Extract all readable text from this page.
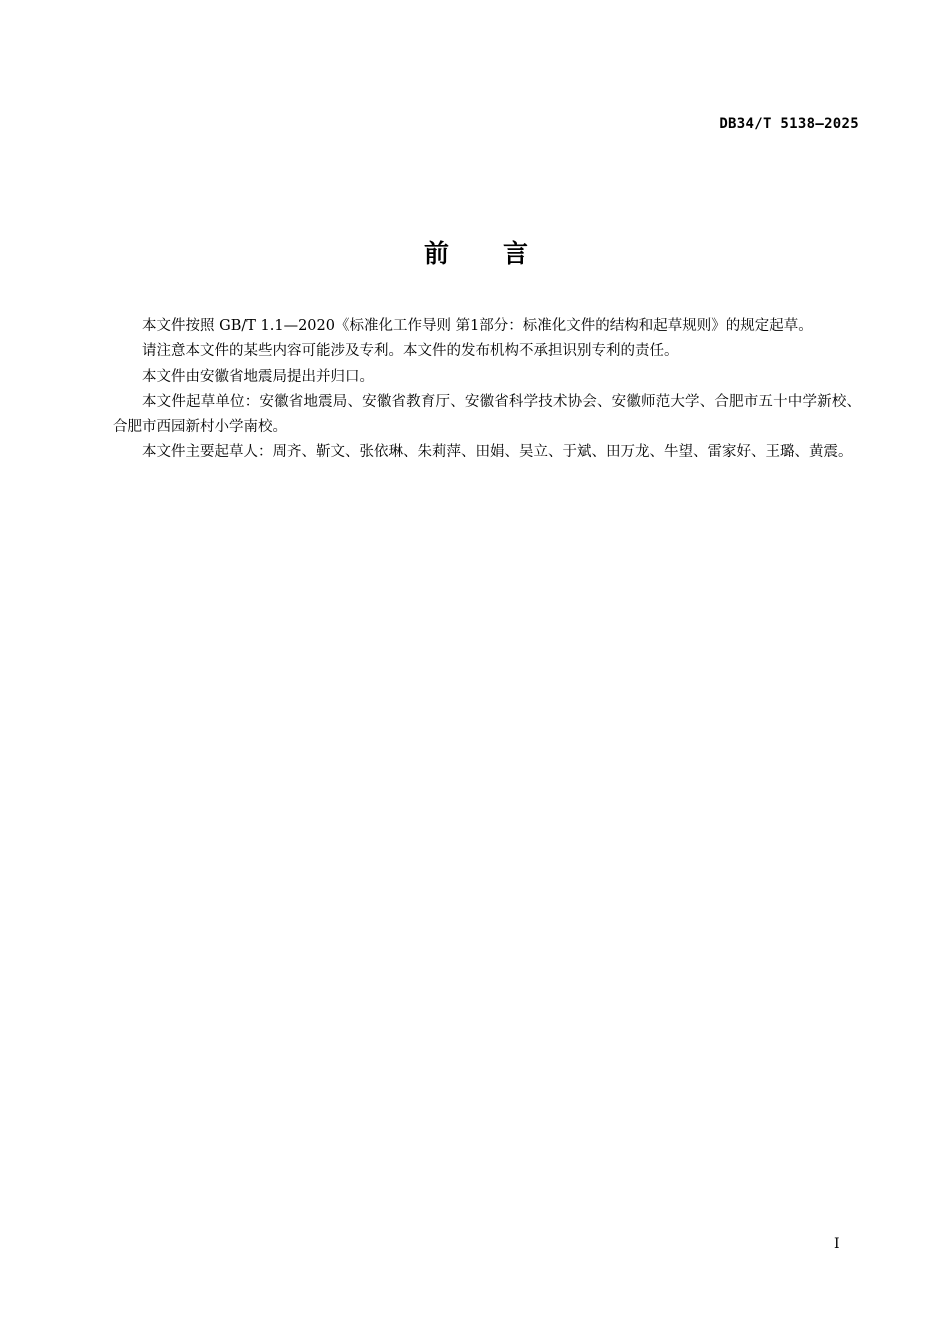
DB34/T 5138—2025
前言

本文件按照 GB/T 1.1—2020《标准化工作导则 第1部分：标准化文件的结构和起草规则》的规定起草。

请注意本文件的某些内容可能涉及专利。本文件的发布机构不承担识别专利的责任。

本文件由安徽省地震局提出并归口。

本文件起草单位：安徽省地震局、安徽省教育厅、安徽省科学技术协会、安徽师范大学、合肥市五十中学新校、合肥市西园新村小学南校。

本文件主要起草人：周齐、靳文、张依琳、朱莉萍、田娟、吴立、于斌、田万龙、牛望、雷家好、王璐、黄震。

I
